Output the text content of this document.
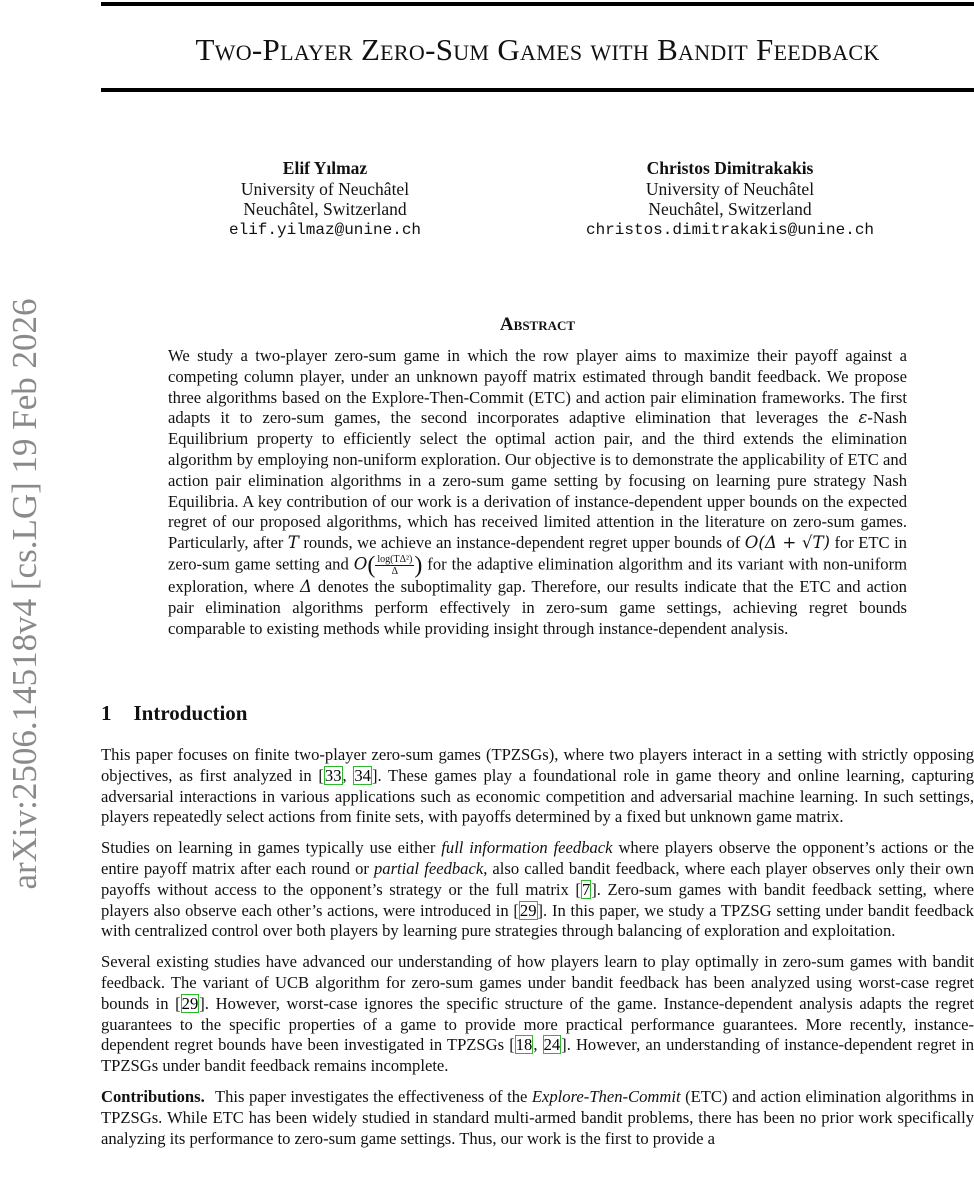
arXiv:2506.14518v4 [cs.LG] 19 Feb 2026
Two-Player Zero-Sum Games with Bandit Feedback
Elif Yılmaz
University of Neuchâtel
Neuchâtel, Switzerland
elif.yilmaz@unine.ch
Christos Dimitrakakis
University of Neuchâtel
Neuchâtel, Switzerland
christos.dimitrakakis@unine.ch
Abstract

We study a two-player zero-sum game in which the row player aims to maximize their payoff against a competing column player, under an unknown payoff matrix estimated through bandit feedback. We propose three algorithms based on the Explore-Then-Commit (ETC) and action pair elimination frameworks. The first adapts it to zero-sum games, the second incorporates adaptive elimination that leverages the ε-Nash Equilibrium property to efficiently select the optimal action pair, and the third extends the elimination algorithm by employing non-uniform exploration. Our objective is to demonstrate the applicability of ETC and action pair elimination algorithms in a zero-sum game setting by focusing on learning pure strategy Nash Equilibria. A key contribution of our work is a derivation of instance-dependent upper bounds on the expected regret of our proposed algorithms, which has received limited attention in the literature on zero-sum games. Particularly, after T rounds, we achieve an instance-dependent regret upper bounds of O(Δ + √T) for ETC in zero-sum game setting and $O( \frac{\text{log(TΔ²)}}{\Delta}$ ) for the adaptive elimination algorithm and its variant with non-uniform exploration, where Δ denotes the suboptimality gap. Therefore, our results indicate that the ETC and action pair elimination algorithms perform effectively in zero-sum game settings, achieving regret bounds comparable to existing methods while providing insight through instance-dependent analysis.

1 Introduction

This paper focuses on finite two-player zero-sum games (TPZSGs), where two players interact in a setting with strictly opposing objectives, as first analyzed in [33, 34]. These games play a foundational role in game theory and online learning, capturing adversarial interactions in various applications such as economic competition and adversarial machine learning. In such settings, players repeatedly select actions from finite sets, with payoffs determined by a fixed but unknown game matrix.

Studies on learning in games typically use either full information feedback where players observe the opponent’s actions or the entire payoff matrix after each round or partial feedback, also called bandit feedback, where each player observes only their own payoffs without access to the opponent’s strategy or the full matrix [7]. Zero-sum games with bandit feedback setting, where players also observe each other’s actions, were introduced in [29]. In this paper, we study a TPZSG setting under bandit feedback with centralized control over both players by learning pure strategies through balancing of exploration and exploitation.

Several existing studies have advanced our understanding of how players learn to play optimally in zero-sum games with bandit feedback. The variant of UCB algorithm for zero-sum games under bandit feedback has been analyzed using worst-case regret bounds in [29]. However, worst-case ignores the specific structure of the game. Instance-dependent analysis adapts the regret guarantees to the specific properties of a game to provide more practical performance guarantees. More recently, instance-dependent regret bounds have been investigated in TPZSGs [18, 24]. However, an understanding of instance-dependent regret in TPZSGs under bandit feedback remains incomplete.

Contributions. This paper investigates the effectiveness of the Explore-Then-Commit (ETC) and action elimination algorithms in TPZSGs. While ETC has been widely studied in standard multi-armed bandit problems, there has been no prior work specifically analyzing its performance to zero-sum game settings. Thus, our work is the first to provide a
